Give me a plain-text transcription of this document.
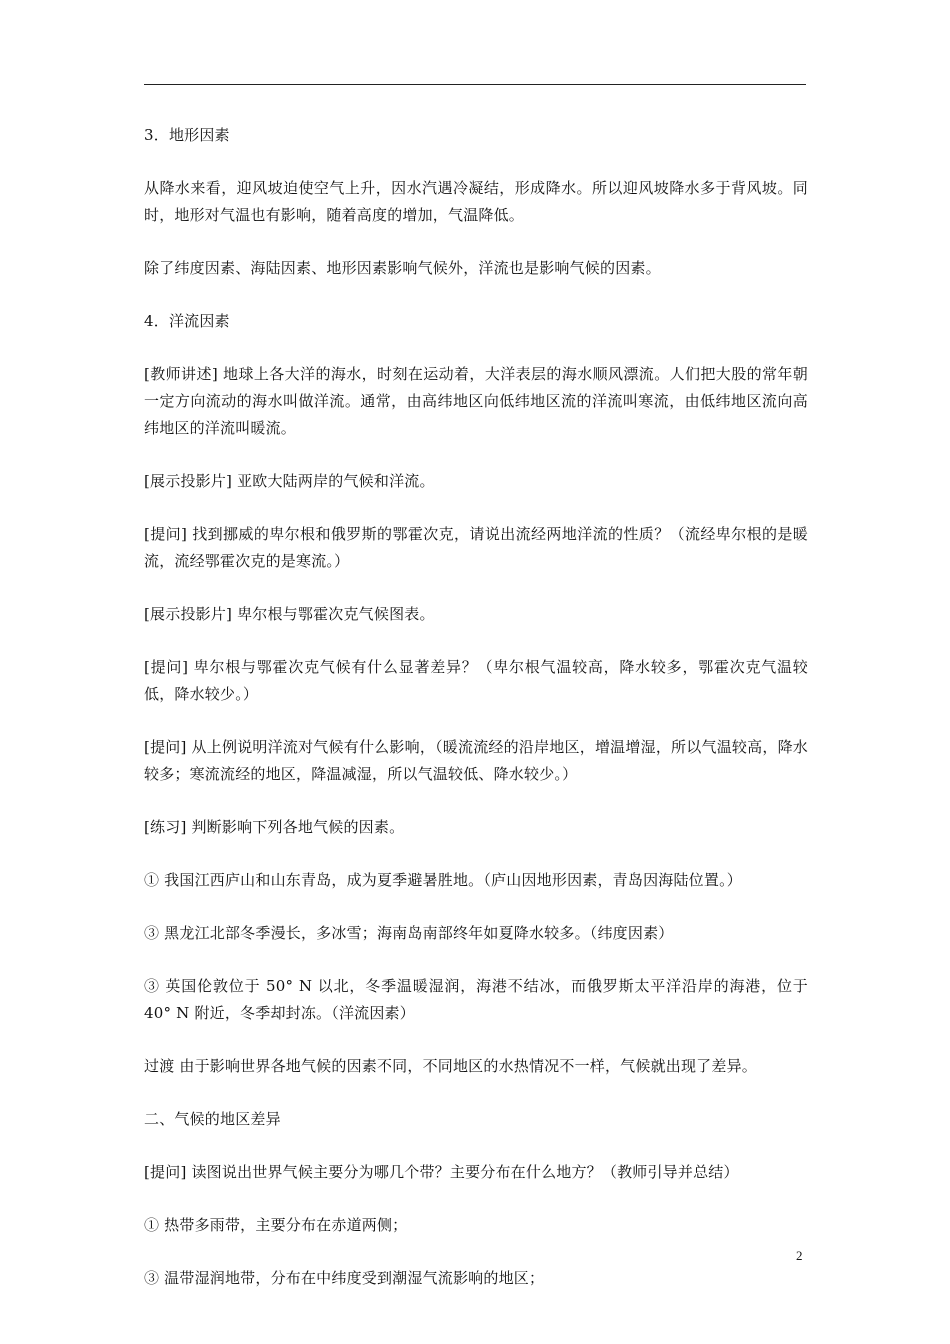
3．地形因素

从降水来看，迎风坡迫使空气上升，因水汽遇冷凝结，形成降水。所以迎风坡降水多于背风坡。同时，地形对气温也有影响，随着高度的增加，气温降低。

除了纬度因素、海陆因素、地形因素影响气候外，洋流也是影响气候的因素。

4．洋流因素

[教师讲述] 地球上各大洋的海水，时刻在运动着，大洋表层的海水顺风漂流。人们把大股的常年朝一定方向流动的海水叫做洋流。通常，由高纬地区向低纬地区流的洋流叫寒流，由低纬地区流向高纬地区的洋流叫暖流。

[展示投影片] 亚欧大陆两岸的气候和洋流。

[提问] 找到挪威的卑尔根和俄罗斯的鄂霍次克，请说出流经两地洋流的性质？（流经卑尔根的是暖流，流经鄂霍次克的是寒流。）

[展示投影片] 卑尔根与鄂霍次克气候图表。

[提问] 卑尔根与鄂霍次克气候有什么显著差异？（卑尔根气温较高，降水较多，鄂霍次克气温较低，降水较少。）

[提问] 从上例说明洋流对气候有什么影响，（暖流流经的沿岸地区，增温增湿，所以气温较高，降水较多；寒流流经的地区，降温减湿，所以气温较低、降水较少。）

[练习] 判断影响下列各地气候的因素。

① 我国江西庐山和山东青岛，成为夏季避暑胜地。（庐山因地形因素，青岛因海陆位置。）

③ 黑龙江北部冬季漫长，多冰雪；海南岛南部终年如夏降水较多。（纬度因素）

③ 英国伦敦位于 50° N 以北，冬季温暖湿润，海港不结冰，而俄罗斯太平洋沿岸的海港，位于 40° N 附近，冬季却封冻。（洋流因素）

过渡 由于影响世界各地气候的因素不同，不同地区的水热情况不一样，气候就出现了差异。

二、气候的地区差异

[提问] 读图说出世界气候主要分为哪几个带？主要分布在什么地方？（教师引导并总结）

① 热带多雨带，主要分布在赤道两侧；

③ 温带湿润地带，分布在中纬度受到潮湿气流影响的地区；

2
